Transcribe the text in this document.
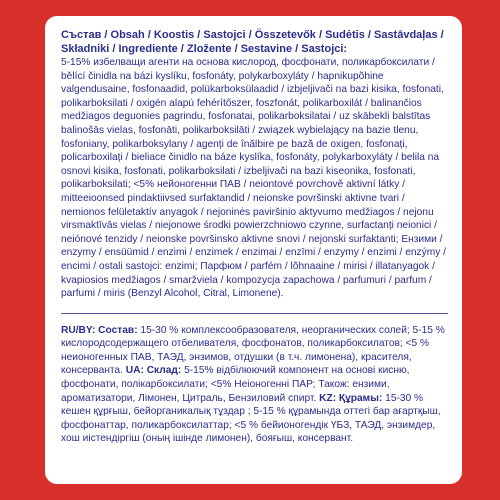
Състав / Obsah / Koostis / Sastojci / Összetevők / Sudėtis / Sastāvdaļas / Składniki / Ingrediente / Zložente / Sestavine / Sastojci:

5-15% избелващи агенти на основа кислород, фосфонати, поликарбоксилати / bělící činidla na bázi kyslíku, fosfonáty, polykarboxyláty / hapnikupõhine valgendusaine, fosfonaadid, polükarboksülaadid / izbjeljivači na bazi kisika, fosfonati, polikarboksilati / oxigén alapú fehérítőszer, foszfonát, polikarboxilát / balinančios medžiagos deguonies pagrindu, fosfonatai, polikarboksilatai / uz skābekli balstītas balinošās vielas, fosfonāti, polikarboksilāti / związek wybielający na bazie tlenu, fosfoniany, polikarboksylany / agenți de înălbire pe bază de oxigen, fosfonați, policarboxilați / bieliace činidlo na báze kyslíka, fosfonáty, polykarboxyláty / belila na osnovi kisika, fosfonati, polikarboksilati / izbeljivači na bazi kiseonika, fosfonati, polikarboksilati; <5% нейоногенни ПАВ / neiontové povrchově aktivní látky / mitteeioonsed pindaktiivsed surfaktandid / neionske površinski aktivne tvari / nemionos felületaktív anyagok / nejoninės paviršinio aktyvumo medžiagos / nejonu virsmaktīvās vielas / niejonowe środki powierzchniowo czynne, surfactanți neionici / neiónové tenzidy / neionske površinsko aktivne snovi / nejonski surfaktanti; Ензими / enzymy / ensüümid / enzimi / enzimek / enzimai / enzīmi / enzymy / enzimi / enzýmy / encimi / ostali sastojci: enzimi; Парфюм / parfém / lõhnaaine / mirisi / illatanyagok / kvapiosios medžiagos / smaržviela / kompozycja zapachowa / parfumuri / parfum / parfumi / miris (Benzyl Alcohol, Citral, Limonene).

RU/BY: Состав: 15-30 % комплексообразователя, неорганических солей; 5-15 % кислородсодержащего отбеливателя, фосфонатов, поликарбоксилатов; <5 % неионогенных ПАВ, ТАЭД, энзимов, отдушки (в т.ч. лимонена), красителя, консерванта. UA: Склад: 5-15% відбілюючий компонент на основі кисню, фосфонати, полікарбоксилати; <5% Неіоногенні ПАР; Також: ензими, ароматизатори, Лімонен, Цитраль, Бензиловий спирт. KZ: Құрамы: 15-30 % кешен құрғыш, бейорганикалық тұздар ; 5-15 % құрамында оттегі бар ағартқыш, фосфонаттар, поликарбоксилаттар; <5 % бейионогендік ҮБЗ, ТАЭД, энзимдер, хош иістендіргіш (оның ішінде лимонен), бояғыш, консервант.
